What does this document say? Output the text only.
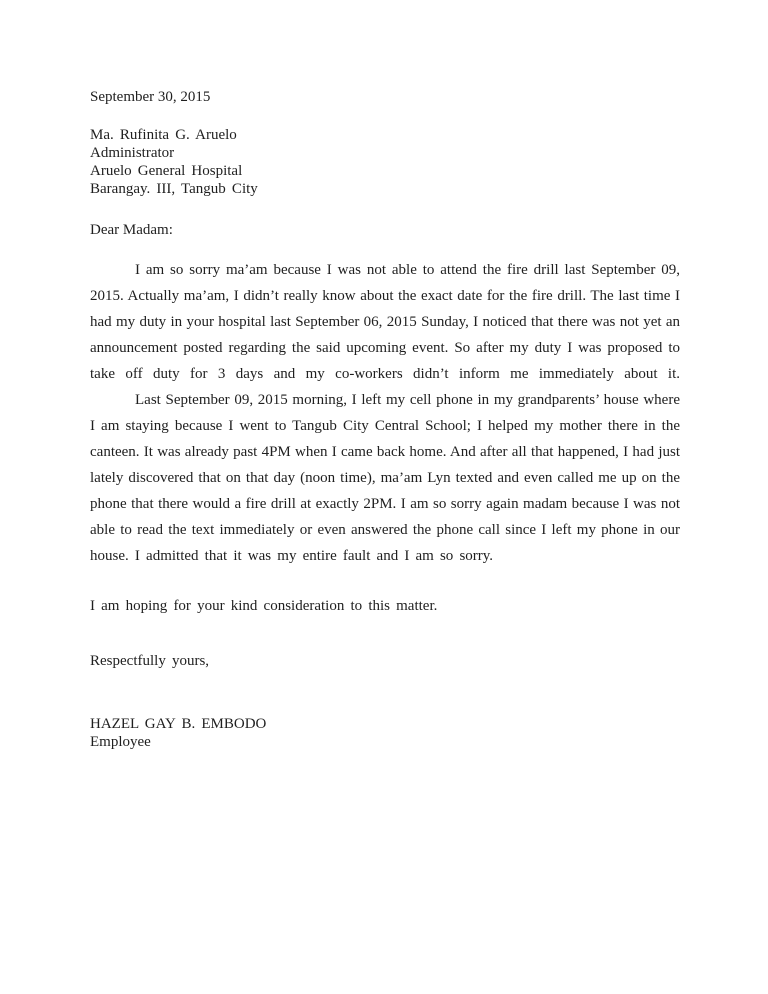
September 30, 2015
Ma. Rufinita G. Aruelo
Administrator
Aruelo General Hospital
Barangay. III, Tangub City
Dear Madam:
I am so sorry ma’am because I was not able to attend the fire drill last September 09,
2015. Actually ma’am, I didn’t really know about the exact date for the fire drill. The last time I
had my duty in your hospital last September 06, 2015 Sunday, I noticed that there was not yet an
announcement posted regarding the said upcoming event. So after my duty I was proposed to
take off duty for 3 days and my co-workers didn’t inform me immediately about it.
Last September 09, 2015 morning, I left my cell phone in my grandparents’ house where
I am staying because I went to Tangub City Central School; I helped my mother there in the
canteen. It was already past 4PM when I came back home. And after all that happened, I had just
lately discovered that on that day (noon time), ma’am Lyn texted and even called me up on the
phone that there would a fire drill at exactly 2PM. I am so sorry again madam because I was not
able to read the text immediately or even answered the phone call since I left my phone in our
house. I admitted that it was my entire fault and I am so sorry.
I am hoping for your kind consideration to this matter.
Respectfully yours,
HAZEL GAY B. EMBODO
Employee
